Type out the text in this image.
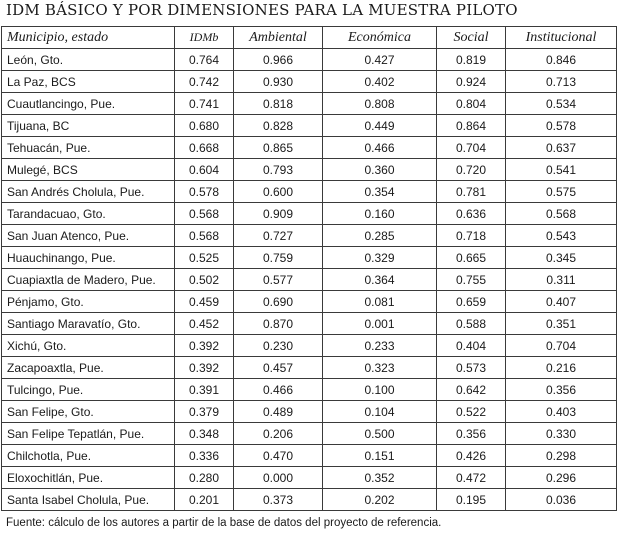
IDM BÁSICO Y POR DIMENSIONES PARA LA MUESTRA PILOTO
Municipio, estado	IDMb	Ambiental	Económica	Social	Institucional
León, Gto.	0.764	0.966	0.427	0.819	0.846
La Paz, BCS	0.742	0.930	0.402	0.924	0.713
Cuautlancingo, Pue.	0.741	0.818	0.808	0.804	0.534
Tijuana, BC	0.680	0.828	0.449	0.864	0.578
Tehuacán, Pue.	0.668	0.865	0.466	0.704	0.637
Mulegé, BCS	0.604	0.793	0.360	0.720	0.541
San Andrés Cholula, Pue.	0.578	0.600	0.354	0.781	0.575
Tarandacuao, Gto.	0.568	0.909	0.160	0.636	0.568
San Juan Atenco, Pue.	0.568	0.727	0.285	0.718	0.543
Huauchinango, Pue.	0.525	0.759	0.329	0.665	0.345
Cuapiaxtla de Madero, Pue.	0.502	0.577	0.364	0.755	0.311
Pénjamo, Gto.	0.459	0.690	0.081	0.659	0.407
Santiago Maravatío, Gto.	0.452	0.870	0.001	0.588	0.351
Xichú, Gto.	0.392	0.230	0.233	0.404	0.704
Zacapoaxtla, Pue.	0.392	0.457	0.323	0.573	0.216
Tulcingo, Pue.	0.391	0.466	0.100	0.642	0.356
San Felipe, Gto.	0.379	0.489	0.104	0.522	0.403
San Felipe Tepatlán, Pue.	0.348	0.206	0.500	0.356	0.330
Chilchotla, Pue.	0.336	0.470	0.151	0.426	0.298
Eloxochitlán, Pue.	0.280	0.000	0.352	0.472	0.296
Santa Isabel Cholula, Pue.	0.201	0.373	0.202	0.195	0.036
Fuente: cálculo de los autores a partir de la base de datos del proyecto de referencia.
